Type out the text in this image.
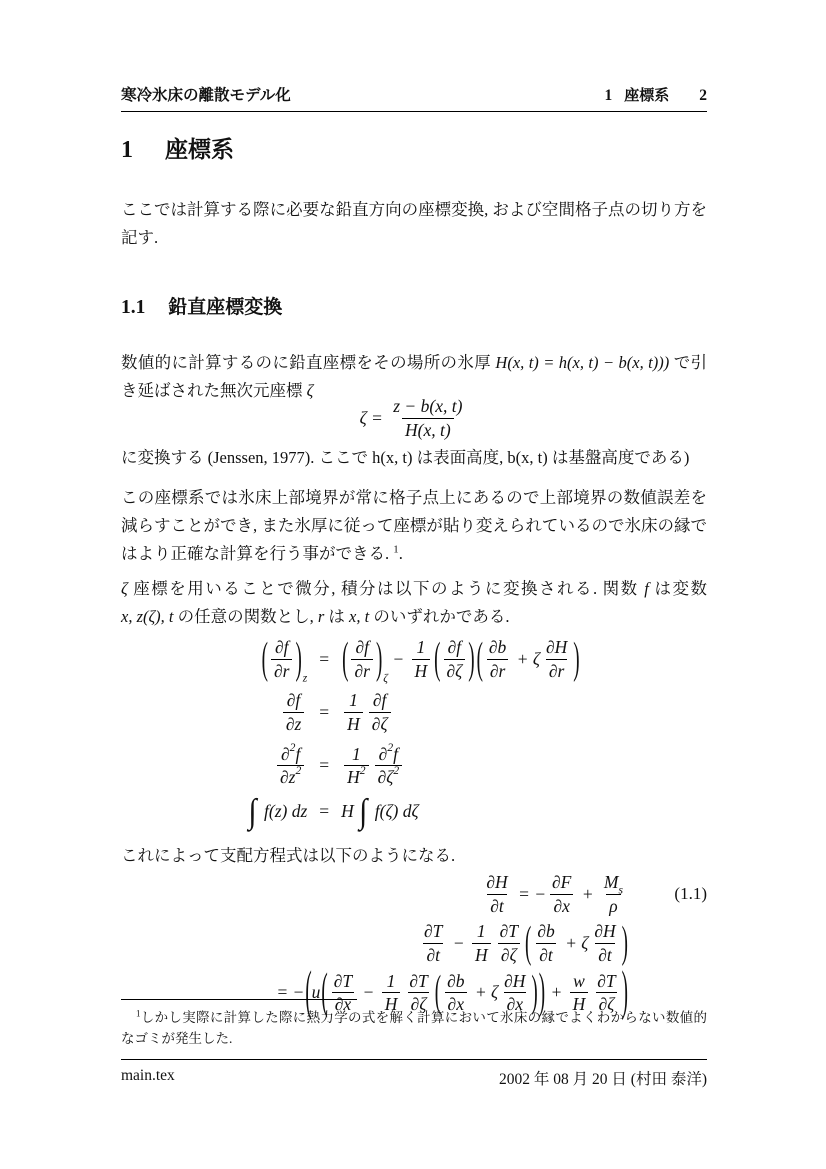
寒冷氷床の離散モデル化	1 座標系 2
1 座標系
ここでは計算する際に必要な鉛直方向の座標変換, および空間格子点の切り方を記す.
1.1 鉛直座標変換
数値的に計算するのに鉛直座標をその場所の氷厚 H(x, t) = h(x, t) − b(x, t))) で引き延ばされた無次元座標 ζ
$\zeta = \frac{z - b(x, t)}{H(x, t)}$
に変換する (Jenssen, 1977). ここで h(x, t) は表面高度, b(x, t) は基盤高度である)
この座標系では氷床上部境界が常に格子点上にあるので上部境界の数値誤差を減らすことができ, また氷厚に従って座標が貼り変えられているので氷床の縁ではより正確な計算を行う事ができる. $^1$.
ζ 座標を用いることで微分, 積分は以下のように変換される. 関数 f は変数 x, z(ζ), t の任意の関数とし, r は x, t のいずれかである.
( $\frac{\partial f}{\partial r}$ ) z
= ( $\frac{\partial f}{\partial r}$ ) ζ
− $\frac{1}{H}$ ( $\frac{\partial f}{\partial\zeta}$ ) ( $\frac{\partial b}{\partial r} + \zeta \frac{\partial H}{\partial r}$ )
$\frac{\partial f}{\partial z} = \frac{1}{H} \frac{\partial f}{\partial\zeta}$
$\frac{\partial 2 f}{\partial z 2} = \frac{1}{H 2} \frac{\partial 2 f}{\partial\zeta 2}$
∫ f(z) dz = H ∫ f(ζ) dζ
これによって支配方程式は以下のようになる.
$\frac{\partial H}{\partial t}$ = − $\frac{\partial F}{\partial x} + \frac{\text{M s}}{\rho}$	(1.1)
$\frac{\partial T}{\partial t} - \frac{1}{H} \frac{\partial T}{\partial\zeta}$ ( $\frac{\partial b}{\partial t} + \zeta \frac{\partial H}{\partial t}$ )
= − ( u ( $\frac{\partial T}{\partial x} - \frac{1}{H} \frac{\partial T}{\partial\zeta}$ ( $\frac{\partial b}{\partial x} + \zeta \frac{\partial H}{\partial x}$ ) ) + $\frac{w}{H} \frac{\partial T}{\partial\zeta}$ )
$^1$しかし実際に計算した際に熱力学の式を解く計算において氷床の縁でよくわからない数値的なゴミが発生した.
main.tex	2002 年 08 月 20 日 (村田 泰洋)
